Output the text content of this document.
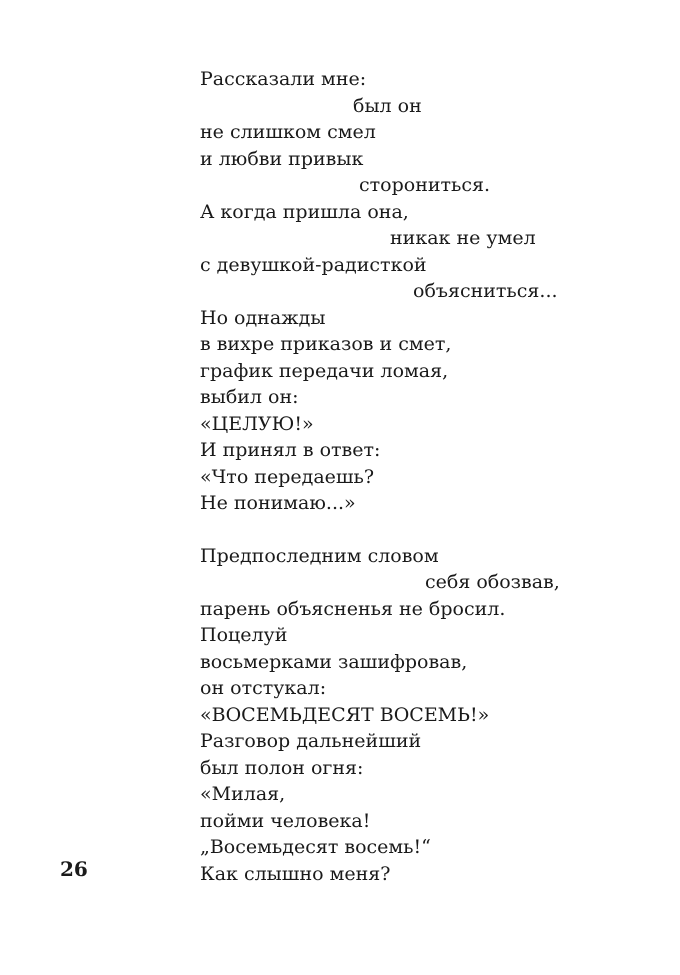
Рассказали мне:
был он
не слишком смел
и любви привык
сторониться.
А когда пришла она,
никак не умел
с девушкой-радисткой
объясниться...
Но однажды
в вихре приказов и смет,
график передачи ломая,
выбил он:
«ЦЕЛУЮ!»
И принял в ответ:
«Что передаешь?
Не понимаю...»
Предпоследним словом
себя обозвав,
парень объясненья не бросил.
Поцелуй
восьмерками зашифровав,
он отстукал:
«ВОСЕМЬДЕСЯТ ВОСЕМЬ!»
Разговор дальнейший
был полон огня:
«Милая,
пойми человека!
„Восемьдесят восемь!“
Как слышно меня?
26
